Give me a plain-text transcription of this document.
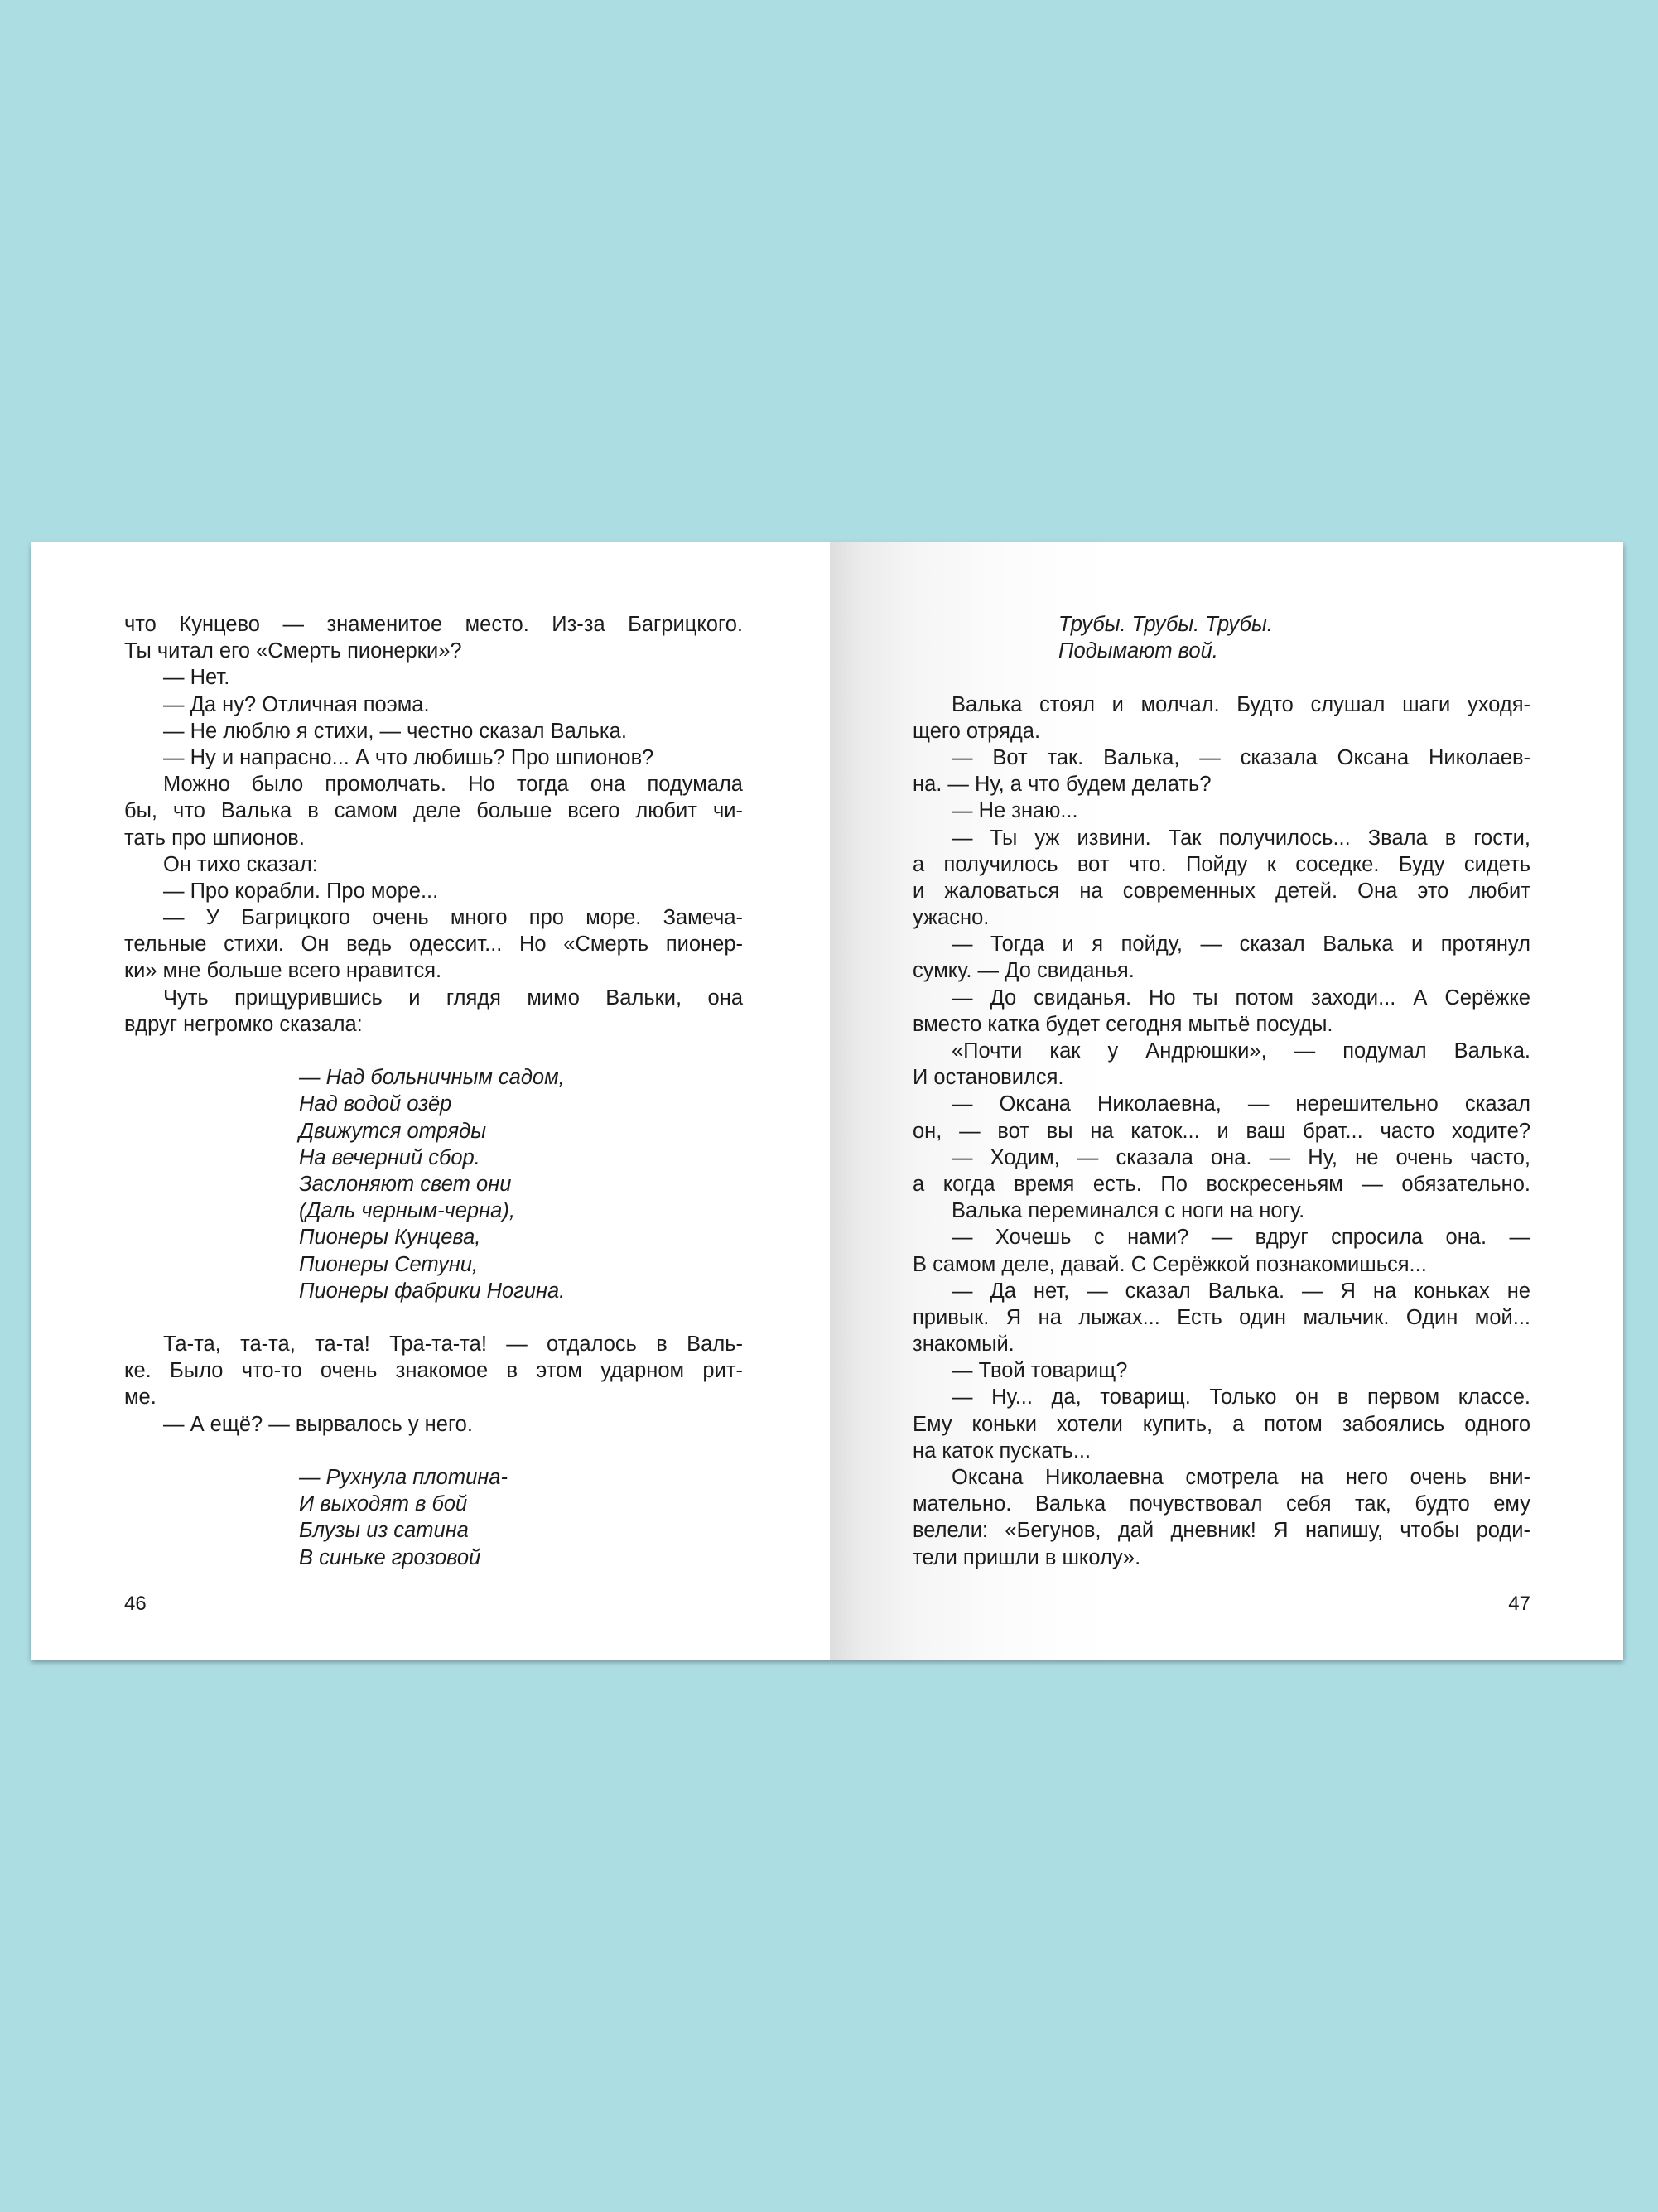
что Кунцево — знаменитое место. Из-за Багрицкого.
Ты читал его «Смерть пионерки»?
— Нет.
— Да ну? Отличная поэма.
— Не люблю я стихи, — честно сказал Валька.
— Ну и напрасно... А что любишь? Про шпионов?
Можно было промолчать. Но тогда она подумала
бы, что Валька в самом деле больше всего любит чи-
тать про шпионов.
Он тихо сказал:
— Про корабли. Про море...
— У Багрицкого очень много про море. Замеча-
тельные стихи. Он ведь одессит... Но «Смерть пионер-
ки» мне больше всего нравится.
Чуть прищурившись и глядя мимо Вальки, она
вдруг негромко сказала:
— Над больничным садом,
Над водой озёр
Движутся отряды
На вечерний сбор.
Заслоняют свет они
(Даль черным-черна),
Пионеры Кунцева,
Пионеры Сетуни,
Пионеры фабрики Ногина.
Та-та, та-та, та-та! Тра-та-та! — отдалось в Валь-
ке. Было что-то очень знакомое в этом ударном рит-
ме.
— А ещё? — вырвалось у него.
— Рухнула плотина-
И выходят в бой
Блузы из сатина
В синьке грозовой
46
Трубы. Трубы. Трубы.
Подымают вой.
Валька стоял и молчал. Будто слушал шаги уходя-
щего отряда.
— Вот так. Валька, — сказала Оксана Николаев-
на. — Ну, а что будем делать?
— Не знаю...
— Ты уж извини. Так получилось... Звала в гости,
а получилось вот что. Пойду к соседке. Буду сидеть
и жаловаться на современных детей. Она это любит
ужасно.
— Тогда и я пойду, — сказал Валька и протянул
сумку. — До свиданья.
— До свиданья. Но ты потом заходи... А Серёжке
вместо катка будет сегодня мытьё посуды.
«Почти как у Андрюшки», — подумал Валька.
И остановился.
— Оксана Николаевна, — нерешительно сказал
он, — вот вы на каток... и ваш брат... часто ходите?
— Ходим, — сказала она. — Ну, не очень часто,
а когда время есть. По воскресеньям — обязательно.
Валька переминался с ноги на ногу.
— Хочешь с нами? — вдруг спросила она. —
В самом деле, давай. С Серёжкой познакомишься...
— Да нет, — сказал Валька. — Я на коньках не
привык. Я на лыжах... Есть один мальчик. Один мой...
знакомый.
— Твой товарищ?
— Ну... да, товарищ. Только он в первом классе.
Ему коньки хотели купить, а потом забоялись одного
на каток пускать...
Оксана Николаевна смотрела на него очень вни-
мательно. Валька почувствовал себя так, будто ему
велели: «Бегунов, дай дневник! Я напишу, чтобы роди-
тели пришли в школу».
47
